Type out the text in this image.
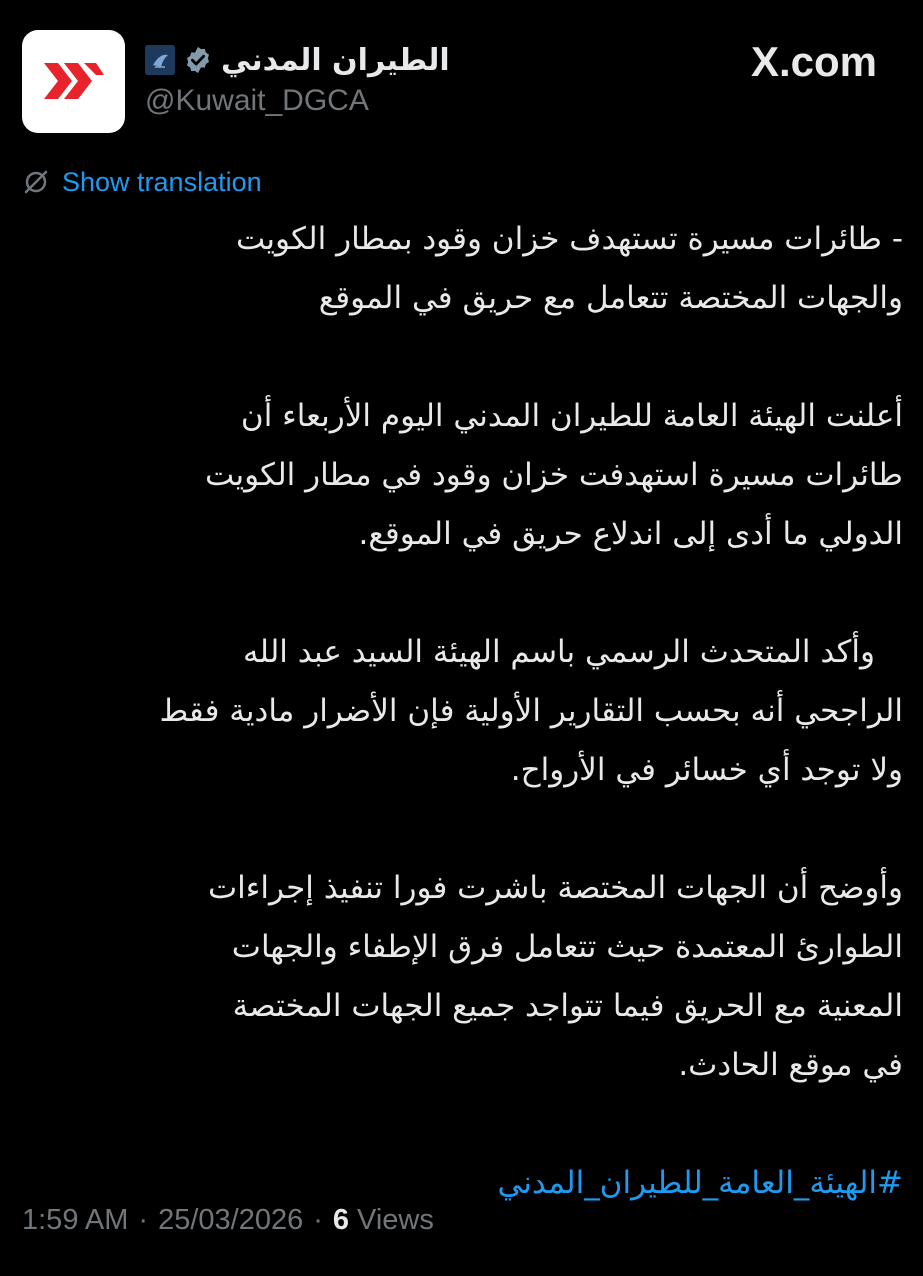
الطيران المدني
@Kuwait_DGCA
X.com
Show translation

- طائرات مسيرة تستهدف خزان وقود بمطار الكويت
والجهات المختصة تتعامل مع حريق في الموقع

أعلنت الهيئة العامة للطيران المدني اليوم الأربعاء أن
طائرات مسيرة استهدفت خزان وقود في مطار الكويت
الدولي ما أدى إلى اندلاع حريق في الموقع.

وأكد المتحدث الرسمي باسم الهيئة السيد عبد الله
الراجحي أنه بحسب التقارير الأولية فإن الأضرار مادية فقط
ولا توجد أي خسائر في الأرواح.

وأوضح أن الجهات المختصة باشرت فورا تنفيذ إجراءات
الطوارئ المعتمدة حيث تتعامل فرق الإطفاء والجهات
المعنية مع الحريق فيما تتواجد جميع الجهات المختصة
في موقع الحادث.

#الهيئة_العامة_للطيران_المدني
1:59 AM · 25/03/2026 · 6 Views
